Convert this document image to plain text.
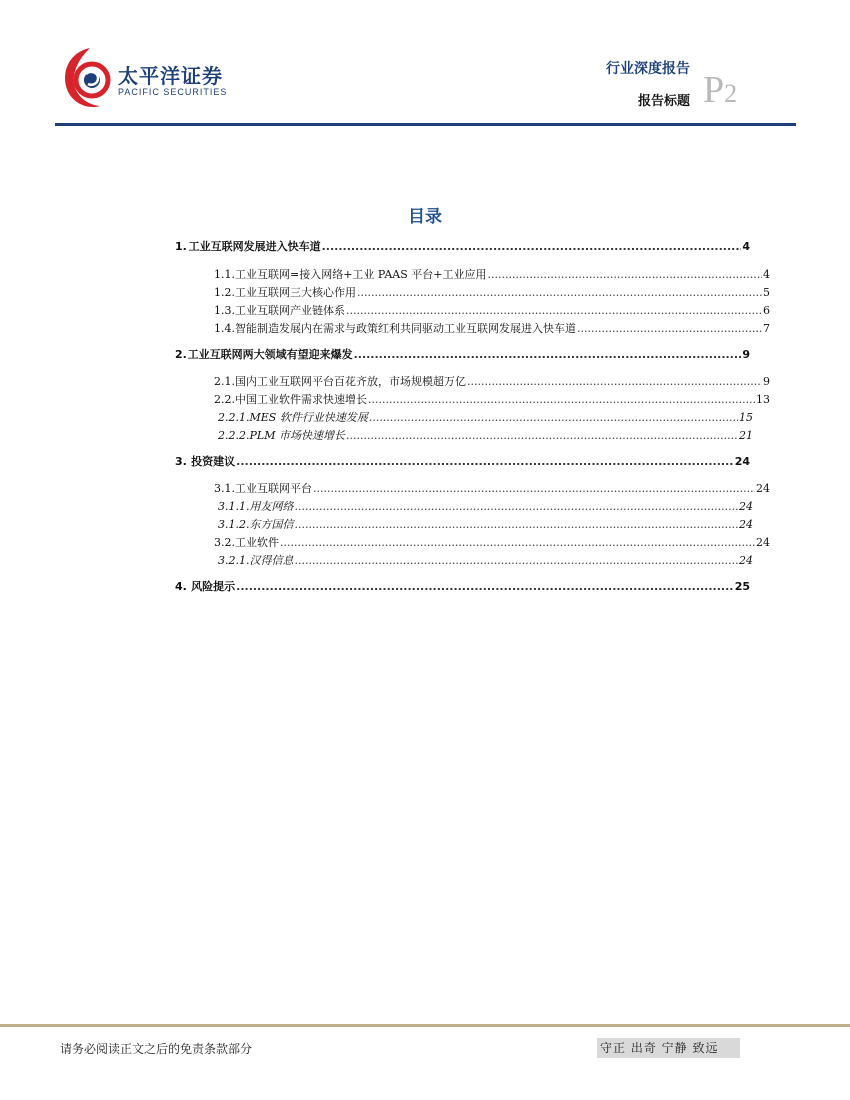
太平洋证券
PACIFIC SECURITIES
行业深度报告
报告标题 P2
目录
1. 工业互联网发展进入快车道 .....	4
1.1. 工业互联网=接入网络+工业 PAAS 平台+工业应用 .....	4
1.2. 工业互联网三大核心作用 .....	5
1.3. 工业互联网产业链体系 .....	6
1.4. 智能制造发展内在需求与政策红利共同驱动工业互联网发展进入快车道 .....	7
2. 工业互联网两大领域有望迎来爆发 .....	9
2.1. 国内工业互联网平台百花齐放，市场规模超万亿 .....	9
2.2. 中国工业软件需求快速增长 .....	13
2.2.1. MES 软件行业快速发展 .....	15
2.2.2. PLM 市场快速增长 .....	21
3. 投资建议 .....	24
3.1. 工业互联网平台 .....	24
3.1.1. 用友网络 .....	24
3.1.2. 东方国信 .....	24
3.2. 工业软件 .....	24
3.2.1. 汉得信息 .....	24
4. 风险提示 .....	25
请务必阅读正文之后的免责条款部分	守正 出奇 宁静 致远
